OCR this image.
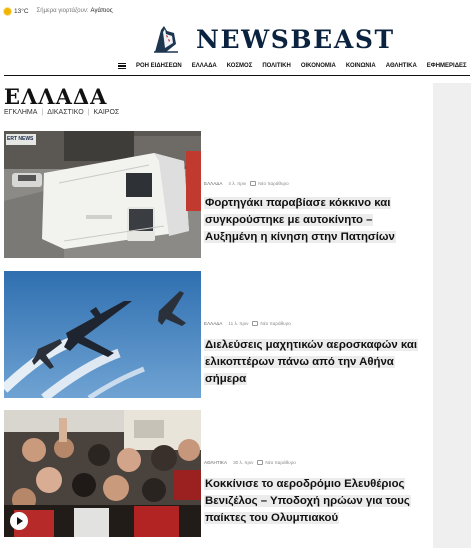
13°C Σήμερα γιορτάζουν: Αγάπιος
NEWSBEAST
ΡΟΗ ΕΙΔΗΣΕΩΝ ΕΛΛΑΔΑ ΚΟΣΜΟΣ ΠΟΛΙΤΙΚΗ ΟΙΚΟΝΟΜΙΑ ΚΟΙΝΩΝΙΑ ΑΘΛΗΤΙΚΑ ΕΦΗΜΕΡΙΔΕΣ
ΕΛΛΑΔΑ
ΕΓΚΛΗΜΑ | ΔΙΚΑΣΤΙΚΟ | ΚΑΙΡΟΣ
ERT NEWS
ΕΛΛΑΔΑ 4 λ. πριν	Νέο παράθυρο
Φορτηγάκι παραβίασε κόκκινο και συγκρούστηκε με αυτοκίνητο – Αυξημένη η κίνηση στην Πατησίων
ΕΛΛΑΔΑ 11 λ. πριν	Νέο παράθυρο
Διελεύσεις μαχητικών αεροσκαφών και ελικοπτέρων πάνω από την Αθήνα σήμερα
ΑΘΛΗΤΙΚΑ 30 λ. πριν	Νέο παράθυρο
Κοκκίνισε το αεροδρόμιο Ελευθέριος Βενιζέλος – Υποδοχή ηρώων για τους παίκτες του Ολυμπιακού
